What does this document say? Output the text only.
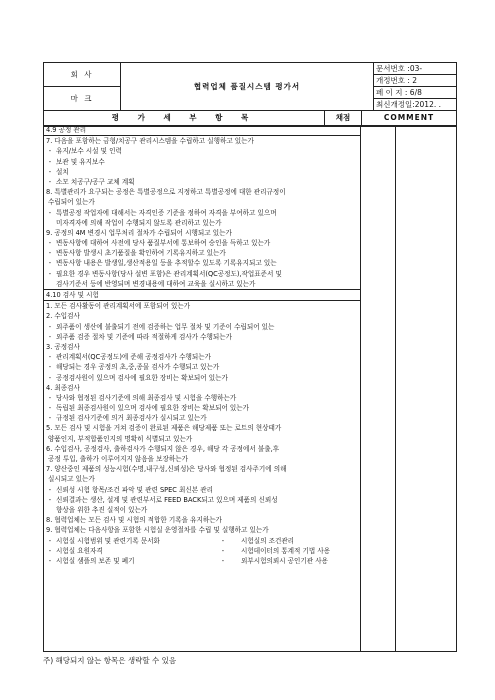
회 사	협력업체 품질시스템 평가서	문서번호 :03-
		개정번호 : 2
마 크		페 이 지 : 6/8
		최신개정일:2012. .
평 가 세 부 항 목	채점	COMMENT
4.9 공정 관리
7. 다음을 포함하는 금형/치공구 관리시스템을 수립하고 실행하고 있는가
- 유지/보수 시설 및 인력
- 보관 및 유지보수
- 설치
- 소모 치공구/공구 교체 계획
8. 특별관리가 요구되는 공정은 특별공정으로 지정하고 특별공정에 대한 관리규정이
수립되어 있는가
- 특별공정 작업자에 대해서는 자격인증 기준을 정하여 자격을 부여하고 있으며
미자격자에 의해 작업이 수행되지 않도록 관리하고 있는가
9. 공정의 4M 변경시 업무처리 절차가 수립되어 시행되고 있는가
- 변동사항에 대하여 사전에 당사 품질부서에 통보하여 승인을 득하고 있는가
- 변동사항 발생시 초기품질을 확인하여 기록유지하고 있는가
- 변동사항 내용은 발생일,생산적용일 등을 추적할수 있도록 기록유지되고 있는
- 필요한 경우 변동사항(당사 설변 포함)은 관리계획서(QC공정도),작업표준서 및
검사기준서 등에 반영되며 변경내용에 대하여 교육을 실시하고 있는가
4.10 검사 및 시험
1. 모든 검사활동이 관리계획서에 포함되어 있는가
2. 수입검사
- 외주품이 생산에 불출되기 전에 검증하는 업무 절차 및 기준이 수립되어 있는
- 외주품 검증 절차 및 기준에 따라 적절하게 검사가 수행되는가
3. 공정검사
- 관리계획서(QC공정도)에 준해 공정검사가 수행되는가
- 해당되는 경우 공정의 초,중,종물 검사가 수행되고 있는가
- 공정검사원이 있으며 검사에 필요한 장비는 확보되어 있는가
4. 최종검사
- 당사와 협정된 검사기준에 의해 최종검사 및 시험을 수행하는가
- 독립된 최종검사원이 있으며 검사에 필요한 장비는 확보되어 있는가
- 규정된 검사기준에 의거 최종검사가 실시되고 있는가
5. 모든 검사 및 시험을 거쳐 검증이 완료된 제품은 해당제품 또는 로트의 현상태가
양품인지, 부적합품인지의 명확히 식별되고 있는가
6. 수입검사, 공정검사, 출하검사가 수행되지 않은 경우, 해당 각 공정에서 불출,후
공정 투입, 출하가 이루어지지 않음을 보장하는가
7. 양산중인 제품의 성능시험(수명,내구성,신뢰성)은 당사와 협정된 검사주기에 의해
실시되고 있는가
- 신뢰성 시험 항목/조건 파악 및 관련 SPEC 최신본 관리
- 신뢰결과는 생산, 설계 및 관련부서로 FEED BACK되고 있으며 제품의 신뢰성
향상을 위한 추진 실적이 있는가
8. 협력업체는 모든 검사 및 시험의 적합한 기록을 유지하는가
9. 협력업체는 다음사항을 포함한 시험실 운영절차를 수립 및 실행하고 있는가
- 시험실 시험범위 및 관련기록 문서화	시험실의 조건관리
- 시험실 요원자격	시험데이터의 통계적 기법 사용
- 시험실 샘플의 보존 및 폐기	외부시험의뢰시 공인기관 사용
주) 해당되지 않는 항목은 생략할 수 있음
